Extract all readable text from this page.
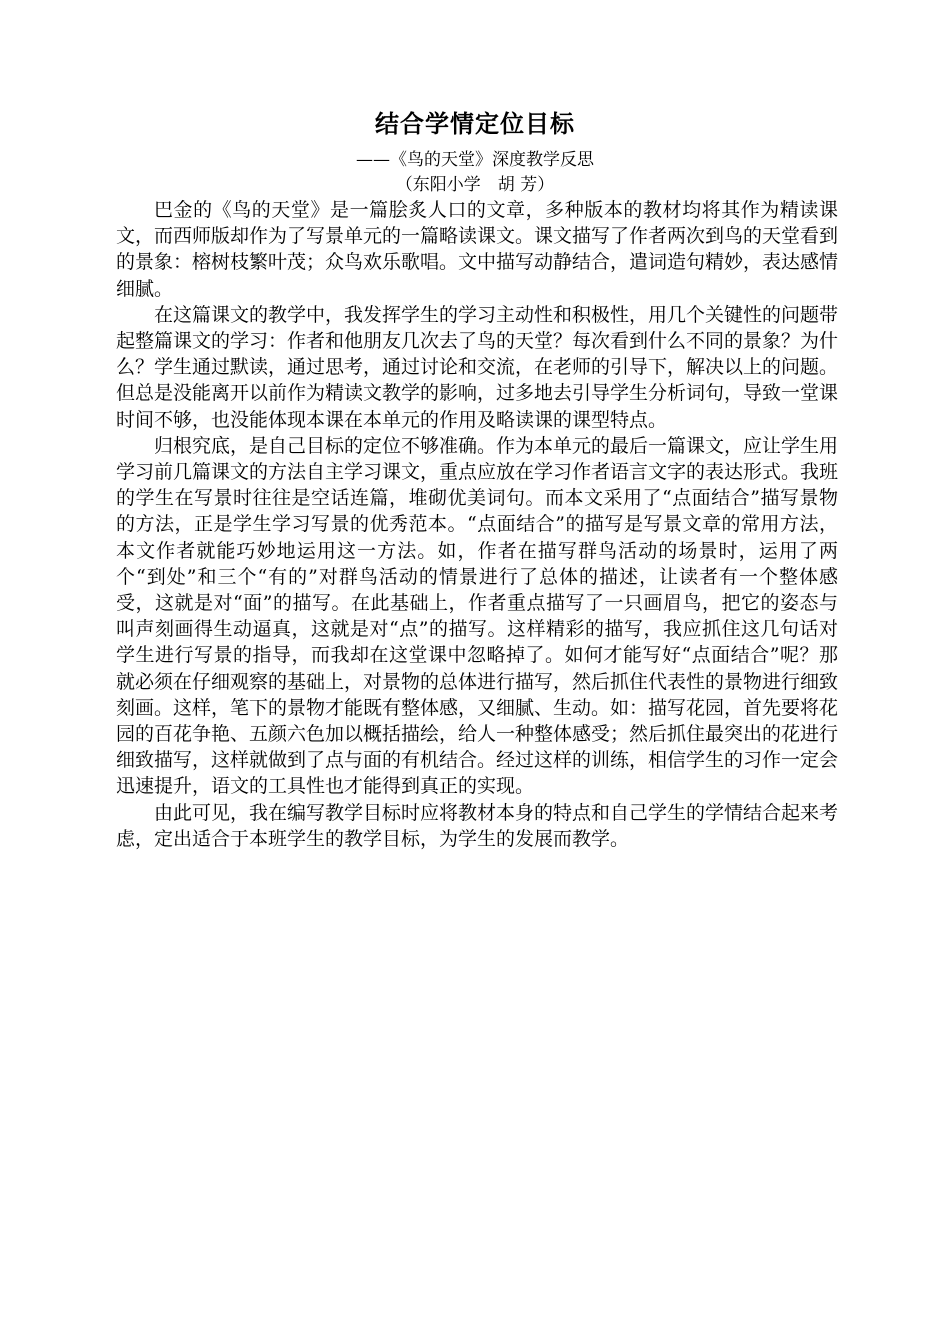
结合学情定位目标
——《鸟的天堂》深度教学反思
（东阳小学　胡 芳）

巴金的《鸟的天堂》是一篇脍炙人口的文章，多种版本的教材均将其作为精读课文，而西师版却作为了写景单元的一篇略读课文。课文描写了作者两次到鸟的天堂看到的景象：榕树枝繁叶茂；众鸟欢乐歌唱。文中描写动静结合，遣词造句精妙，表达感情细腻。

在这篇课文的教学中，我发挥学生的学习主动性和积极性，用几个关键性的问题带起整篇课文的学习：作者和他朋友几次去了鸟的天堂？每次看到什么不同的景象？为什么？学生通过默读，通过思考，通过讨论和交流，在老师的引导下，解决以上的问题。但总是没能离开以前作为精读文教学的影响，过多地去引导学生分析词句，导致一堂课时间不够，也没能体现本课在本单元的作用及略读课的课型特点。

归根究底，是自己目标的定位不够准确。作为本单元的最后一篇课文，应让学生用学习前几篇课文的方法自主学习课文，重点应放在学习作者语言文字的表达形式。我班的学生在写景时往往是空话连篇，堆砌优美词句。而本文采用了“点面结合”描写景物的方法，正是学生学习写景的优秀范本。“点面结合”的描写是写景文章的常用方法，本文作者就能巧妙地运用这一方法。如，作者在描写群鸟活动的场景时，运用了两个“到处”和三个“有的”对群鸟活动的情景进行了总体的描述，让读者有一个整体感受，这就是对“面”的描写。在此基础上，作者重点描写了一只画眉鸟，把它的姿态与叫声刻画得生动逼真，这就是对“点”的描写。这样精彩的描写，我应抓住这几句话对学生进行写景的指导，而我却在这堂课中忽略掉了。如何才能写好“点面结合”呢？那就必须在仔细观察的基础上，对景物的总体进行描写，然后抓住代表性的景物进行细致刻画。这样，笔下的景物才能既有整体感，又细腻、生动。如：描写花园，首先要将花园的百花争艳、五颜六色加以概括描绘，给人一种整体感受；然后抓住最突出的花进行细致描写，这样就做到了点与面的有机结合。经过这样的训练，相信学生的习作一定会迅速提升，语文的工具性也才能得到真正的实现。

由此可见，我在编写教学目标时应将教材本身的特点和自己学生的学情结合起来考虑，定出适合于本班学生的教学目标，为学生的发展而教学。
